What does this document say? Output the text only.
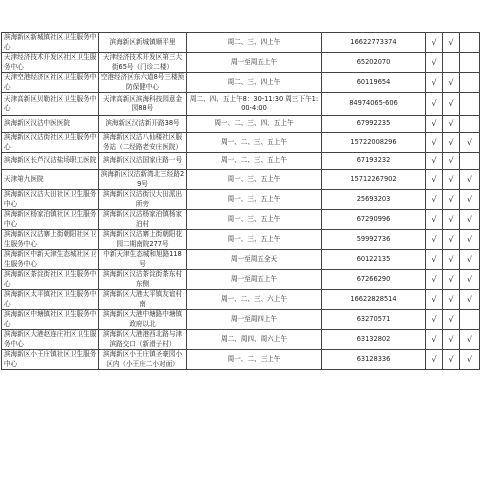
滨海新区新城镇社区卫生服务中心	滨海新区新城镇顺平里	周二、三、四上午	16622773374	√	√	
天津经济技术开发区社区卫生服务中心	天津经济技术开发区第三大街65号（门诊二楼）	周一至周五上午	65202070	√		
天津空港经济区社区卫生服务中心	空港经济区东六道8号三楼预防保健中心	周二、三、四上午	60119654	√	√	
天津高新区贝勒社区卫生服务中心	天津高新区滨海科技园意金园88号	周二、四、五上午8：30-11:30 周三下午1:00-4:00	84974065-606	√	√	
滨海新区汉沽中医医院	滨海新区汉沽新开路38号	周一、二、三、四、五上午	67992235	√	√	
滨海新区汉沽街社区卫生服务中心	滨海新区汉沽八仙楼社区服务站（二经路老安庄医院）	周一、二、三、五上午	15722008296	√	√	√
滨海新区长芦汉沽盐场职工医院	滨海新区汉沽国家庄路一号	周一、二、三、五上午	67193232	√	√	
天津第九医院	滨海新区汉沽新湾北三经路29号	周一、三、五上午	15712267902	√	√	√
滨海新区汉沽大田社区卫生服务中心	滨海新区汉沽街汉大田派出所旁	周一、三、五上午	25693203	√	√	√
滨海新区杨家泊镇社区卫生服务中心	滨海新区汉沽杨家泊镇杨家泊村	周一、三、五上午	67290996	√	√	√
滨海新区汉沽寨上街朝阳社区卫生服务中心	滨海新区汉沽寨上街朝阳花园二期南院277号	周一、三、五上午	59992736	√	√	√
滨海新区中新天津生态城社区卫生服务中心	中新天津生态城和旭路118号	周一至周五全天	60122135	√	√	√
滨海新区茶淀街社区卫生服务中心	滨海新区汉沽茶淀街茶东村东侧	周一至周五上午	67266290	√	√	√
滨海新区太平镇社区卫生服务中心	滨海新区大港太平镇友谊村南	周一、二、三、六上午	16622828514	√	√	√
滨海新区中塘镇社区卫生服务中心	滨海新区大港中塘路中塘镇政府以北	周一至周四上午	63270571	√	√	
滨海新区大港赵连庄社区卫生服务中心	滨海新区大港港西北路与津滨路交口（新滑子村）	周二、周四、周六上午	63132802	√	√	√
滨海新区小王庄镇社区卫生服务中心	滨海新区小王庄镇圣豪园小区内（小王庄二小对面）	周一、二、三上午	63128336	√	√	√
